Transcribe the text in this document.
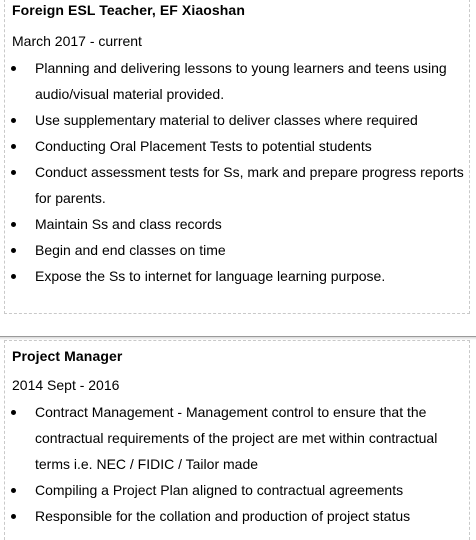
Foreign ESL Teacher, EF Xiaoshan
March 2017 - current
Planning and delivering lessons to young learners and teens using audio/visual material provided.
Use supplementary material to deliver classes where required
Conducting Oral Placement Tests to potential students
Conduct assessment tests for Ss, mark and prepare progress reports for parents.
Maintain Ss and class records
Begin and end classes on time
Expose the Ss to internet for language learning purpose.
Project Manager
2014 Sept - 2016
Contract Management - Management control to ensure that the contractual requirements of the project are met within contractual terms i.e. NEC / FIDIC / Tailor made
Compiling a Project Plan aligned to contractual agreements
Responsible for the collation and production of project status
